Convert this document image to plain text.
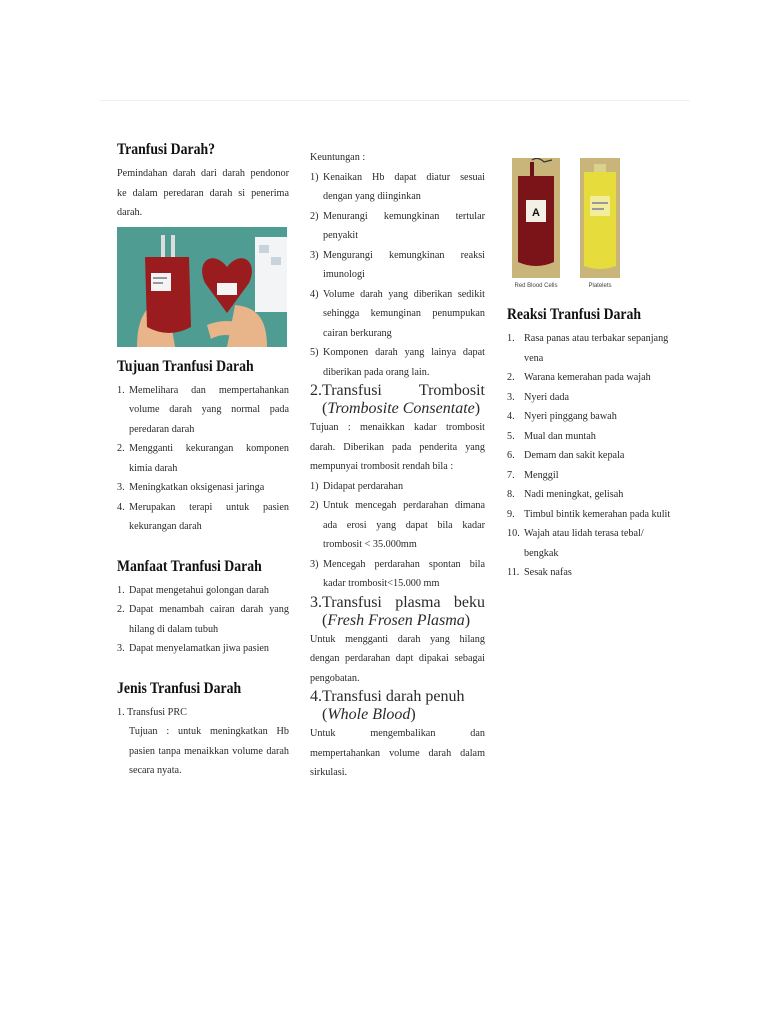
Tranfusi Darah?

Pemindahan darah dari darah pendonor ke dalam peredaran darah si penerima darah.

Tujuan Tranfusi Darah
1. Memelihara dan mempertahankan volume darah yang normal pada peredaran darah
2. Mengganti kekurangan komponen kimia darah
3. Meningkatkan oksigenasi jaringa
4. Merupakan terapi untuk pasien kekurangan darah
Manfaat Tranfusi Darah
1. Dapat mengetahui golongan darah
2. Dapat menambah cairan darah yang hilang di dalam tubuh
3. Dapat menyelamatkan jiwa pasien
Jenis Tranfusi Darah

1. Transfusi PRC

Tujuan : untuk meningkatkan Hb pasien tanpa menaikkan volume darah secara nyata.

Keuntungan :

1) Kenaikan Hb dapat diatur sesuai dengan yang diinginkan
2) Menurangi kemungkinan tertular penyakit
3) Mengurangi kemungkinan reaksi imunologi
4) Volume darah yang diberikan sedikit sehingga kemunginan penumpukan cairan berkurang
5) Komponen darah yang lainya dapat diberikan pada orang lain.
2. Transfusi Trombosit (Trombosite Consentate)

Tujuan : menaikkan kadar trombosit darah. Diberikan pada penderita yang mempunyai trombosit rendah bila :

1) Didapat perdarahan
2) Untuk mencegah perdarahan dimana ada erosi yang dapat bila kadar trombosit < 35.000mm
3) Mencegah perdarahan spontan bila kadar trombosit<15.000 mm
3. Transfusi plasma beku (Fresh Frosen Plasma)

Untuk mengganti darah yang hilang dengan perdarahan dapt dipakai sebagai pengobatan.

4. Transfusi darah penuh (Whole Blood)

Untuk mengembalikan dan mempertahankan volume darah dalam sirkulasi.

A
Red Blood Cells	Platelets
Reaksi Tranfusi Darah
1. Rasa panas atau terbakar sepanjang vena
2. Warana kemerahan pada wajah
3. Nyeri dada
4. Nyeri pinggang bawah
5. Mual dan muntah
6. Demam dan sakit kepala
7. Menggil
8. Nadi meningkat, gelisah
9. Timbul bintik kemerahan pada kulit
10. Wajah atau lidah terasa tebal/ bengkak
11. Sesak nafas
